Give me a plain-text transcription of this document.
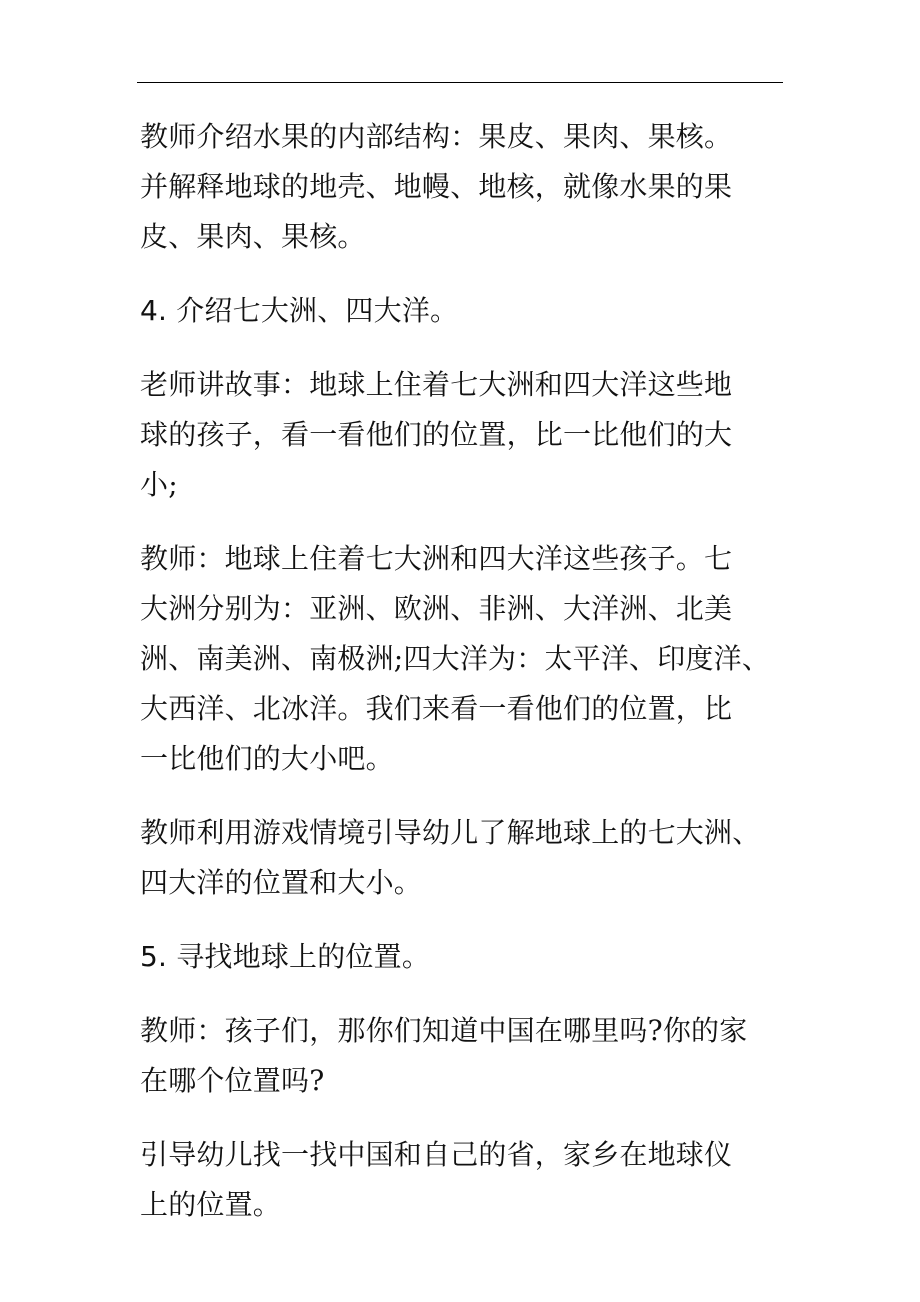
教师介绍水果的内部结构：果皮、果肉、果核。
并解释地球的地壳、地幔、地核，就像水果的果
皮、果肉、果核。

4. 介绍七大洲、四大洋。

老师讲故事：地球上住着七大洲和四大洋这些地
球的孩子，看一看他们的位置，比一比他们的大
小;

教师：地球上住着七大洲和四大洋这些孩子。七
大洲分别为：亚洲、欧洲、非洲、大洋洲、北美
洲、南美洲、南极洲;四大洋为：太平洋、印度洋、
大西洋、北冰洋。我们来看一看他们的位置，比
一比他们的大小吧。

教师利用游戏情境引导幼儿了解地球上的七大洲、
四大洋的位置和大小。

5. 寻找地球上的位置。

教师：孩子们，那你们知道中国在哪里吗?你的家
在哪个位置吗?

引导幼儿找一找中国和自己的省，家乡在地球仪
上的位置。
